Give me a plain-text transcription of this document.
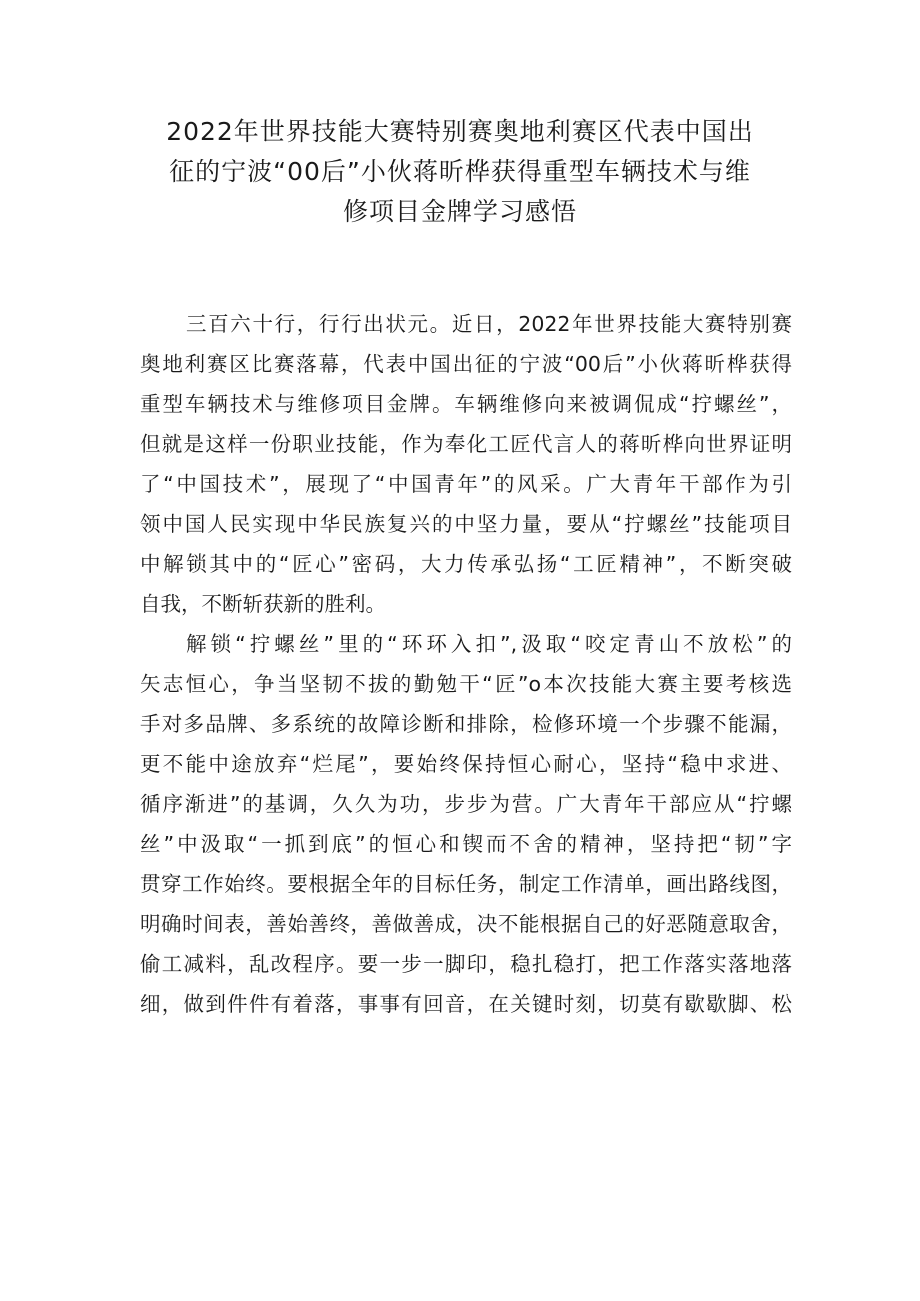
2022年世界技能大赛特别赛奥地利赛区代表中国出
征的宁波“00后”小伙蒋昕桦获得重型车辆技术与维
修项目金牌学习感悟
三百六十行，行行出状元。近日，2022年世界技能大赛特别赛
奥地利赛区比赛落幕，代表中国出征的宁波“00后”小伙蒋昕桦获得
重型车辆技术与维修项目金牌。车辆维修向来被调侃成“拧螺丝”，
但就是这样一份职业技能，作为奉化工匠代言人的蒋昕桦向世界证明
了“中国技术”，展现了“中国青年”的风采。广大青年干部作为引
领中国人民实现中华民族复兴的中坚力量，要从“拧螺丝”技能项目
中解锁其中的“匠心”密码，大力传承弘扬“工匠精神”，不断突破
自我，不断斩获新的胜利。
解锁“拧螺丝”里的“环环入扣”,汲取“咬定青山不放松”的
矢志恒心，争当坚韧不拔的勤勉干“匠”o本次技能大赛主要考核选
手对多品牌、多系统的故障诊断和排除，检修环境一个步骤不能漏，
更不能中途放弃“烂尾”，要始终保持恒心耐心，坚持“稳中求进、
循序渐进”的基调，久久为功，步步为营。广大青年干部应从“拧螺
丝”中汲取“一抓到底”的恒心和锲而不舍的精神，坚持把“韧”字
贯穿工作始终。要根据全年的目标任务，制定工作清单，画出路线图，
明确时间表，善始善终，善做善成，决不能根据自己的好恶随意取舍，
偷工减料，乱改程序。要一步一脚印，稳扎稳打，把工作落实落地落
细，做到件件有着落，事事有回音，在关键时刻，切莫有歇歇脚、松
